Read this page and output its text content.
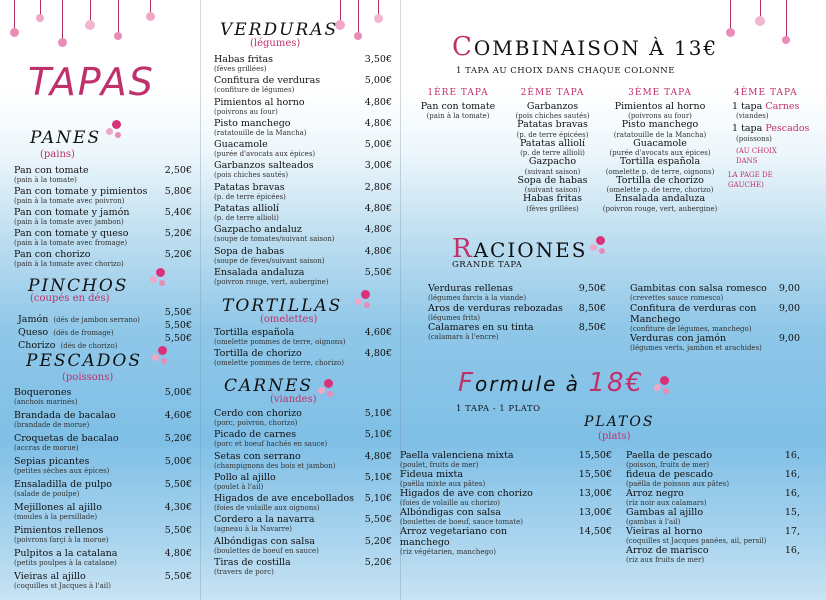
TAPAS
PANES
(pains)
Pan con tomate
(pain à la tomate)
2,50€
Pan con tomate y pimientos
(pain à la tomate avec poivron)
5,80€
Pan con tomate y jamón
(pain à la tomate avec jambon)
5,40€
Pan con tomate y queso
(pain à la tomate avec fromage)
5,20€
Pan con chorizo
(pain à la tomate avec chorizo)
5,20€
PINCHOS
(coupés en dés)
Jamón (dés de jambon serrano)
5,50€
Queso (dés de fromage)
5,50€
Chorizo (dés de chorizo)
5,50€
PESCADOS
(poissons)
Boquerones
(anchois marinés)
5,00€
Brandada de bacalao
(brandade de morue)
4,60€
Croquetas de bacalao
(accras de morue)
5,20€
Sepias picantes
(petites sèches aux épices)
5,00€
Ensaladilla de pulpo
(salade de poulpe)
5,50€
Mejillones al ajillo
(moules à la persillade)
4,30€
Pimientos rellenos
(poivrons farçi à la morue)
5,50€
Pulpitos a la catalana
(petits poulpes à la catalane)
4,80€
Vieiras al ajillo
(coquilles st Jacques à l'ail)
5,50€
VERDURAS
(légumes)
Habas fritas
(fèves grillées)
3,50€
Confitura de verduras
(confiture de légumes)
5,00€
Pimientos al horno
(poivrons au four)
4,80€
Pisto manchego
(ratatouille de la Mancha)
4,80€
Guacamole
(purée d'avocats aux épices)
5,00€
Garbanzos salteados
(pois chiches sautés)
3,00€
Patatas bravas
(p. de terre épicées)
2,80€
Patatas alliolí
(p. de terre allioli)
4,80€
Gazpacho andaluz
(soupe de tomates/suivant saison)
4,80€
Sopa de habas
(soupe de fèves/suivant saison)
4,80€
Ensalada andaluza
(poivron rouge, vert, aubergine)
5,50€
TORTILLAS
(omelettes)
Tortilla española
(omelette pommes de terre, oignons)
4,60€
Tortilla de chorizo
(omelette pommes de terre, chorizo)
4,80€
CARNES
(viandes)
Cerdo con chorizo
(porc, poivron, chorizo)
5,10€
Picado de carnes
(porc et boeuf hachés en sauce)
5,10€
Setas con serrano
(champignons des bois et jambon)
4,80€
Pollo al ajillo
(poulet à l'ail)
5,10€
Higados de ave encebollados
(foies de volaille aux oignons)
5,10€
Cordero a la navarra
(agneau à la Navarre)
5,50€
Albóndigas con salsa
(boulettes de boeuf en sauce)
5,20€
Tiras de costilla
(travers de porc)
5,20€
COMBINAISON À 13€
1 TAPA AU CHOIX DANS CHAQUE COLONNE
1ÈRE TAPA
Pan con tomate
(pain à la tomate)
2ÈME TAPA
Garbanzos
(pois chiches sautés)
Patatas bravas
(p. de terre épicées)
Patatas alliolí
(p. de terre allioli)
Gazpacho
(suivant saison)
Sopa de habas
(suivant saison)
Habas fritas
(fèves grillées)
3ÈME TAPA
Pimientos al horno
(poivrons au four)
Pisto manchego
(ratatouille de la Mancha)
Guacamole
(purée d'avocats aux épices)
Tortilla española
(omelette p. de terre, oignons)
Tortilla de chorizo
(omelette p. de terre, chorizo)
Ensalada andaluza
(poivron rouge, vert, aubergine)
4ÈME TAPA
1 tapa Carnes
(viandes)
1 tapa Pescados
(poissons)
(AU CHOIX DANS
LA PAGE DE GAUCHE)
RACIONES
GRANDE TAPA
Verduras rellenas
(légumes farcis à la viande)
9,50€
Aros de verduras rebozadas
(légumes frits)
8,50€
Calamares en su tinta
(calamars à l'encre)
8,50€
Gambitas con salsa romesco
(crevettes sauce romesco)
9,00
Confitura de verduras con Manchego
(confiture de légumes, manchego)
9,00
Verduras con jamón
(légumes verts, jambon et arachides)
9,00
Formule à 18€
1 TAPA - 1 PLATO
PLATOS
(plats)
Paella valenciena mixta
(poulet, fruits de mer)
15,50€
Fideua mixta
(paëlla mixte aux pâtes)
15,50€
Higados de ave con chorizo
(foies de volaille au chorizo)
13,00€
Albóndigas con salsa
(boulettes de boeuf, sauce tomate)
13,00€
Arroz vegetariano con manchego
(riz végétarien, manchego)
14,50€
Paella de pescado
(poisson, fruits de mer)
16,
fideua de pescado
(paëlla de poisson aux pâtes)
16,
Arroz negro
(riz noir aux calamars)
16,
Gambas al ajillo
(gambas à l'ail)
15,
Vieiras al horno
(coquilles st Jacques panées, ail, persil)
17,
Arroz de marisco
(riz aux fruits de mer)
16,
